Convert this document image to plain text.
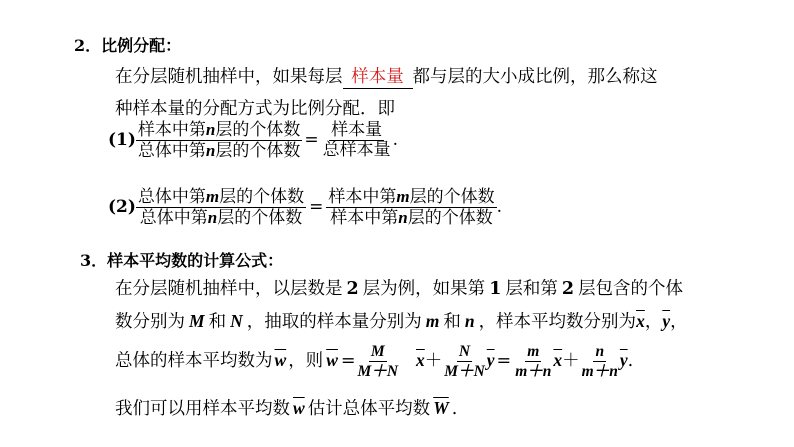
2．比例分配：
在分层随机抽样中，如果每层 样本量 都与层的大小成比例，那么称这
种样本量的分配方式为比例分配．即
$(1) \frac{\text{样本中第n层的个体数}}{\text{总体中第n层的个体数}} = \frac{\text{样本量}}{\text{总样本量}}$ .
$(2) \frac{\text{总体中第m层的个体数}}{\text{总体中第n层的个体数}} = \frac{\text{样本中第m层的个体数}}{\text{样本中第n层的个体数}}$ .
3．样本平均数的计算公式：
在分层随机抽样中，以层数是 2 层为例，如果第 1 层和第 2 层包含的个体
数分别为 M 和 N ，抽取的样本量分别为 m 和 n ，样本平均数分别为$\overline{x}$，$\overline{y}$，
总体的样本平均数为 $\overline{w}$ ，则 $\overline{w} = \frac{M}{M+N} \overline{x}+ \frac{N}{M+N} \overline{y} = \frac{m}{m+n} \overline{x}+ \frac{n}{m+n} \overline{y}$.
我们可以用样本平均数 $\overline{w}$ 估计总体平均数 $\overline{W}$ .
